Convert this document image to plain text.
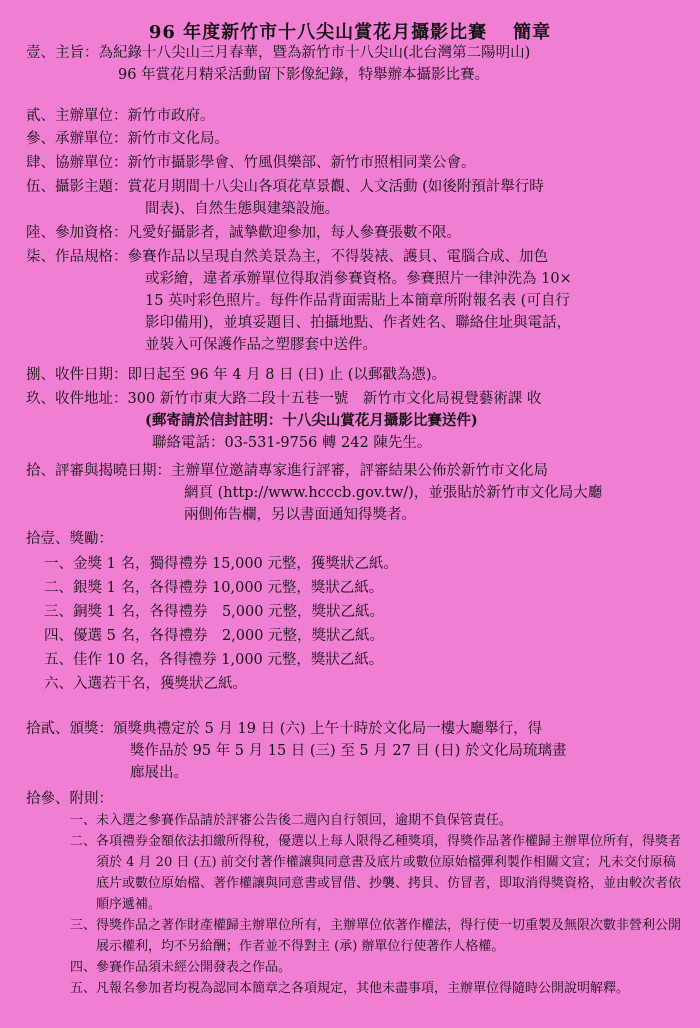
96 年度新竹市十八尖山賞花月攝影比賽 簡章
壹、主旨： 為紀錄十八尖山三月春華，暨為新竹市十八尖山(北台灣第二陽明山)
96 年賞花月精采活動留下影像紀錄，特舉辦本攝影比賽。
貳、主辦單位： 新竹市政府。
參、承辦單位： 新竹市文化局。
肆、協辦單位： 新竹市攝影學會、竹風俱樂部、新竹市照相同業公會。
伍、攝影主題： 賞花月期間十八尖山各項花草景觀、人文活動 (如後附預計舉行時
間表)、自然生態與建築設施。
陸、參加資格： 凡愛好攝影者，誠摯歡迎參加，每人參賽張數不限。
柒、作品規格： 參賽作品以呈現自然美景為主，不得裝裱、護貝、電腦合成、加色
或彩繪，違者承辦單位得取消參賽資格。參賽照片一律沖洗為 10×
15 英吋彩色照片。每件作品背面需貼上本簡章所附報名表 (可自行
影印備用)，並填妥題目、拍攝地點、作者姓名、聯絡住址與電話，
並裝入可保護作品之塑膠套中送件。
捌、收件日期： 即日起至 96 年 4 月 8 日 (日) 止 (以郵戳為憑)。
玖、收件地址： 300 新竹市東大路二段十五巷一號　新竹市文化局視覺藝術課 收
(郵寄請於信封註明：十八尖山賞花月攝影比賽送件)
聯絡電話：03-531-9756 轉 242 陳先生。
拾、評審與揭曉日期： 主辦單位邀請專家進行評審，評審結果公佈於新竹市文化局
網頁 (http://www.hcccb.gov.tw/)，並張貼於新竹市文化局大廳
兩側佈告欄，另以書面通知得獎者。
拾壹、獎勵：
一、金獎 1 名，獨得禮券 15,000 元整，獲獎狀乙紙。
二、銀獎 1 名，各得禮券 10,000 元整，獎狀乙紙。
三、銅獎 1 名，各得禮券　5,000 元整，獎狀乙紙。
四、優選 5 名，各得禮券　2,000 元整，獎狀乙紙。
五、佳作 10 名，各得禮券 1,000 元整，獎狀乙紙。
六、入選若干名，獲獎狀乙紙。
拾貳、頒獎： 頒獎典禮定於 5 月 19 日 (六) 上午十時於文化局一樓大廳舉行，得
獎作品於 95 年 5 月 15 日 (三) 至 5 月 27 日 (日) 於文化局琉璃畫
廊展出。
拾參、附則：
一、 未入選之參賽作品請於評審公告後二週內自行領回，逾期不負保管責任。
二、 各項禮券金額依法扣繳所得稅，優選以上每人限得乙種獎項，得獎作品著作權歸主辦單位所有，得獎者須於 4 月 20 日 (五) 前交付著作權讓與同意書及底片或數位原始檔彈利製作相關文宣；凡未交付原稿底片或數位原始檔、著作權讓與同意書或冒借、抄襲、拷貝、仿冒者，即取消得獎資格，並由較次者依順序遞補。
三、 得獎作品之著作財產權歸主辦單位所有，主辦單位依著作權法，得行使一切重製及無限次數非營利公開展示權利，均不另給酬；作者並不得對主 (承) 辦單位行使著作人格權。
四、 參賽作品須未經公開發表之作品。
五、 凡報名參加者均視為認同本簡章之各項規定，其他未盡事項，主辦單位得隨時公開說明解釋。
